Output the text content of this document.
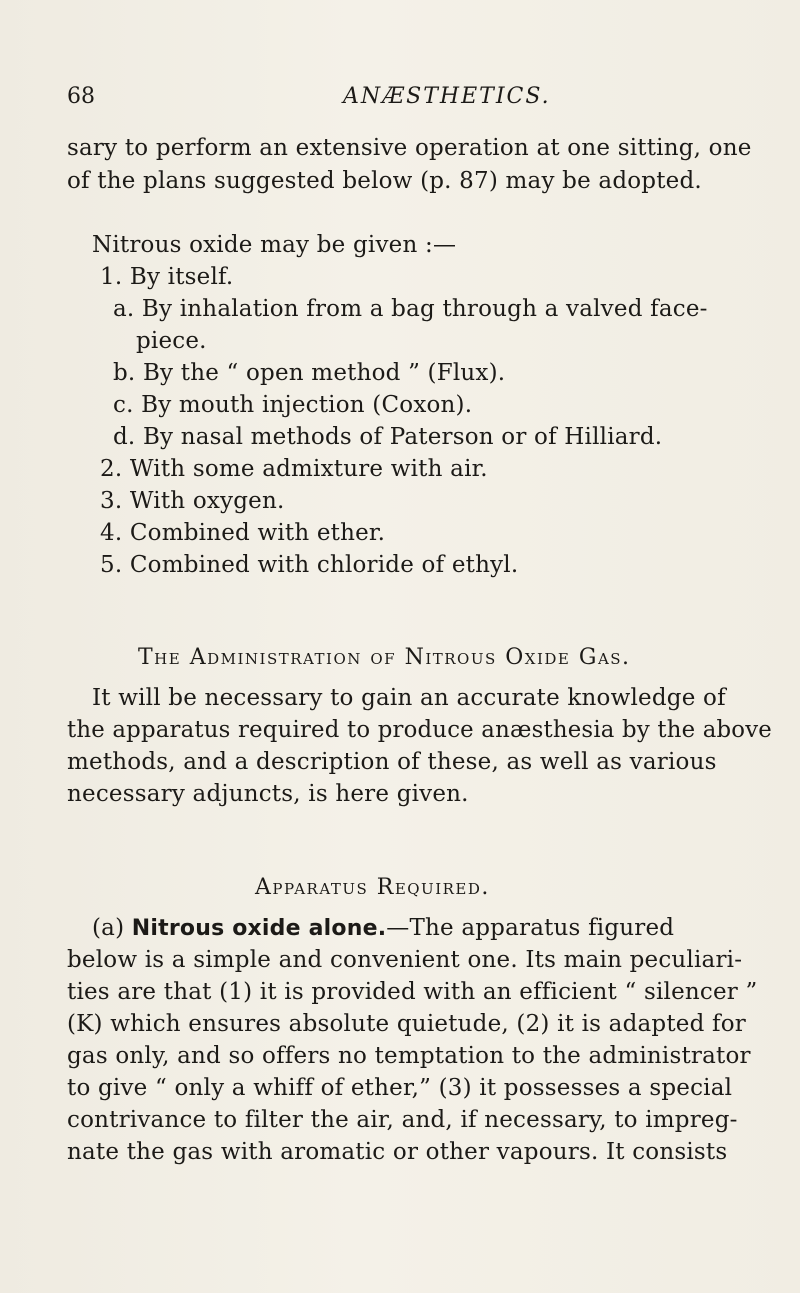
68	ANÆSTHETICS.
sary to perform an extensive operation at one sitting, one
of the plans suggested below (p. 87) may be adopted.
Nitrous oxide may be given :—
1. By itself.
a. By inhalation from a bag through a valved face-
piece.
b. By the “ open method ” (Flux).
c. By mouth injection (Coxon).
d. By nasal methods of Paterson or of Hilliard.
2. With some admixture with air.
3. With oxygen.
4. Combined with ether.
5. Combined with chloride of ethyl.
The Administration of Nitrous Oxide Gas.
It will be necessary to gain an accurate knowledge of
the apparatus required to produce anæsthesia by the above
methods, and a description of these, as well as various
necessary adjuncts, is here given.
Apparatus Required.
(a) Nitrous oxide alone.—The apparatus figured
below is a simple and convenient one. Its main peculiari-
ties are that (1) it is provided with an efficient “ silencer ”
(K) which ensures absolute quietude, (2) it is adapted for
gas only, and so offers no temptation to the administrator
to give “ only a whiff of ether,” (3) it possesses a special
contrivance to filter the air, and, if necessary, to impreg-
nate the gas with aromatic or other vapours. It consists
